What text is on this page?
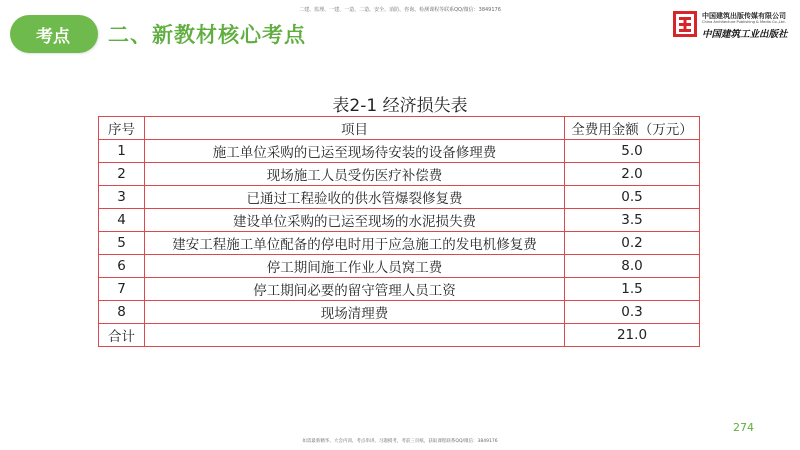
二建、监理、一建、一造、二造、安全、消防、咨询、检测课程等联系QQ/微信：3849176
考点 二、新教材核心考点
中国建筑出版传媒有限公司
China Architecture Publishing & Media Co.,Ltd.
中国建筑工业出版社
表2-1 经济损失表
序号	项目	全费用金额（万元）
1	施工单位采购的已运至现场待安装的设备修理费	5.0
2	现场施工人员受伤医疗补偿费	2.0
3	已通过工程验收的供水管爆裂修复费	0.5
4	建设单位采购的已运至现场的水泥损失费	3.5
5	建安工程施工单位配备的停电时用于应急施工的发电机修复费	0.2
6	停工期间施工作业人员窝工费	8.0
7	停工期间必要的留守管理人员工资	1.5
8	现场清理费	0.3
合计		21.0
274
如需最新精华、大会内训、考点串讲、习题模考，考前三页纸，获取课程联系QQ/微信：3849176
